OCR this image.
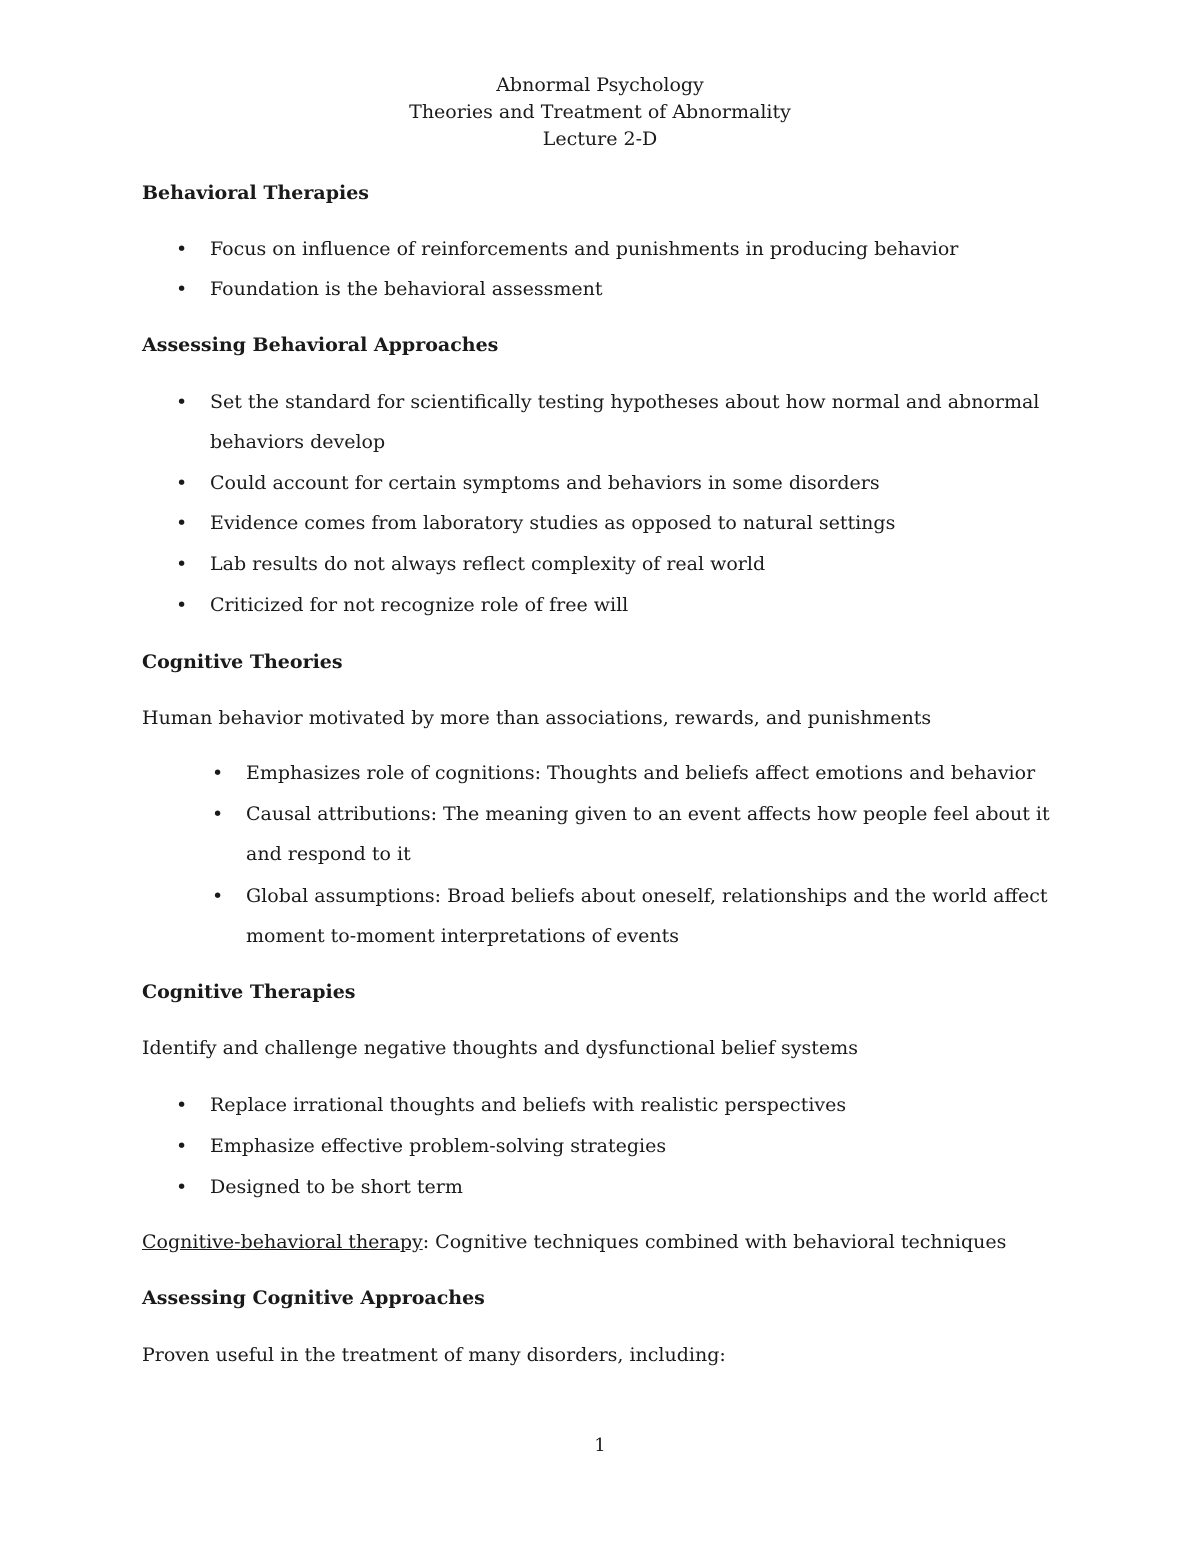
Abnormal Psychology
Theories and Treatment of Abnormality
Lecture 2-D
Behavioral Therapies
• Focus on influence of reinforcements and punishments in producing behavior
• Foundation is the behavioral assessment
Assessing Behavioral Approaches
• Set the standard for scientifically testing hypotheses about how normal and abnormal
behaviors develop
• Could account for certain symptoms and behaviors in some disorders
• Evidence comes from laboratory studies as opposed to natural settings
• Lab results do not always reflect complexity of real world
• Criticized for not recognize role of free will
Cognitive Theories
Human behavior motivated by more than associations, rewards, and punishments
• Emphasizes role of cognitions: Thoughts and beliefs affect emotions and behavior
• Causal attributions: The meaning given to an event affects how people feel about it
and respond to it
• Global assumptions: Broad beliefs about oneself, relationships and the world affect
moment to-moment interpretations of events
Cognitive Therapies
Identify and challenge negative thoughts and dysfunctional belief systems
• Replace irrational thoughts and beliefs with realistic perspectives
• Emphasize effective problem-solving strategies
• Designed to be short term
Cognitive-behavioral therapy: Cognitive techniques combined with behavioral techniques
Assessing Cognitive Approaches
Proven useful in the treatment of many disorders, including:
1
